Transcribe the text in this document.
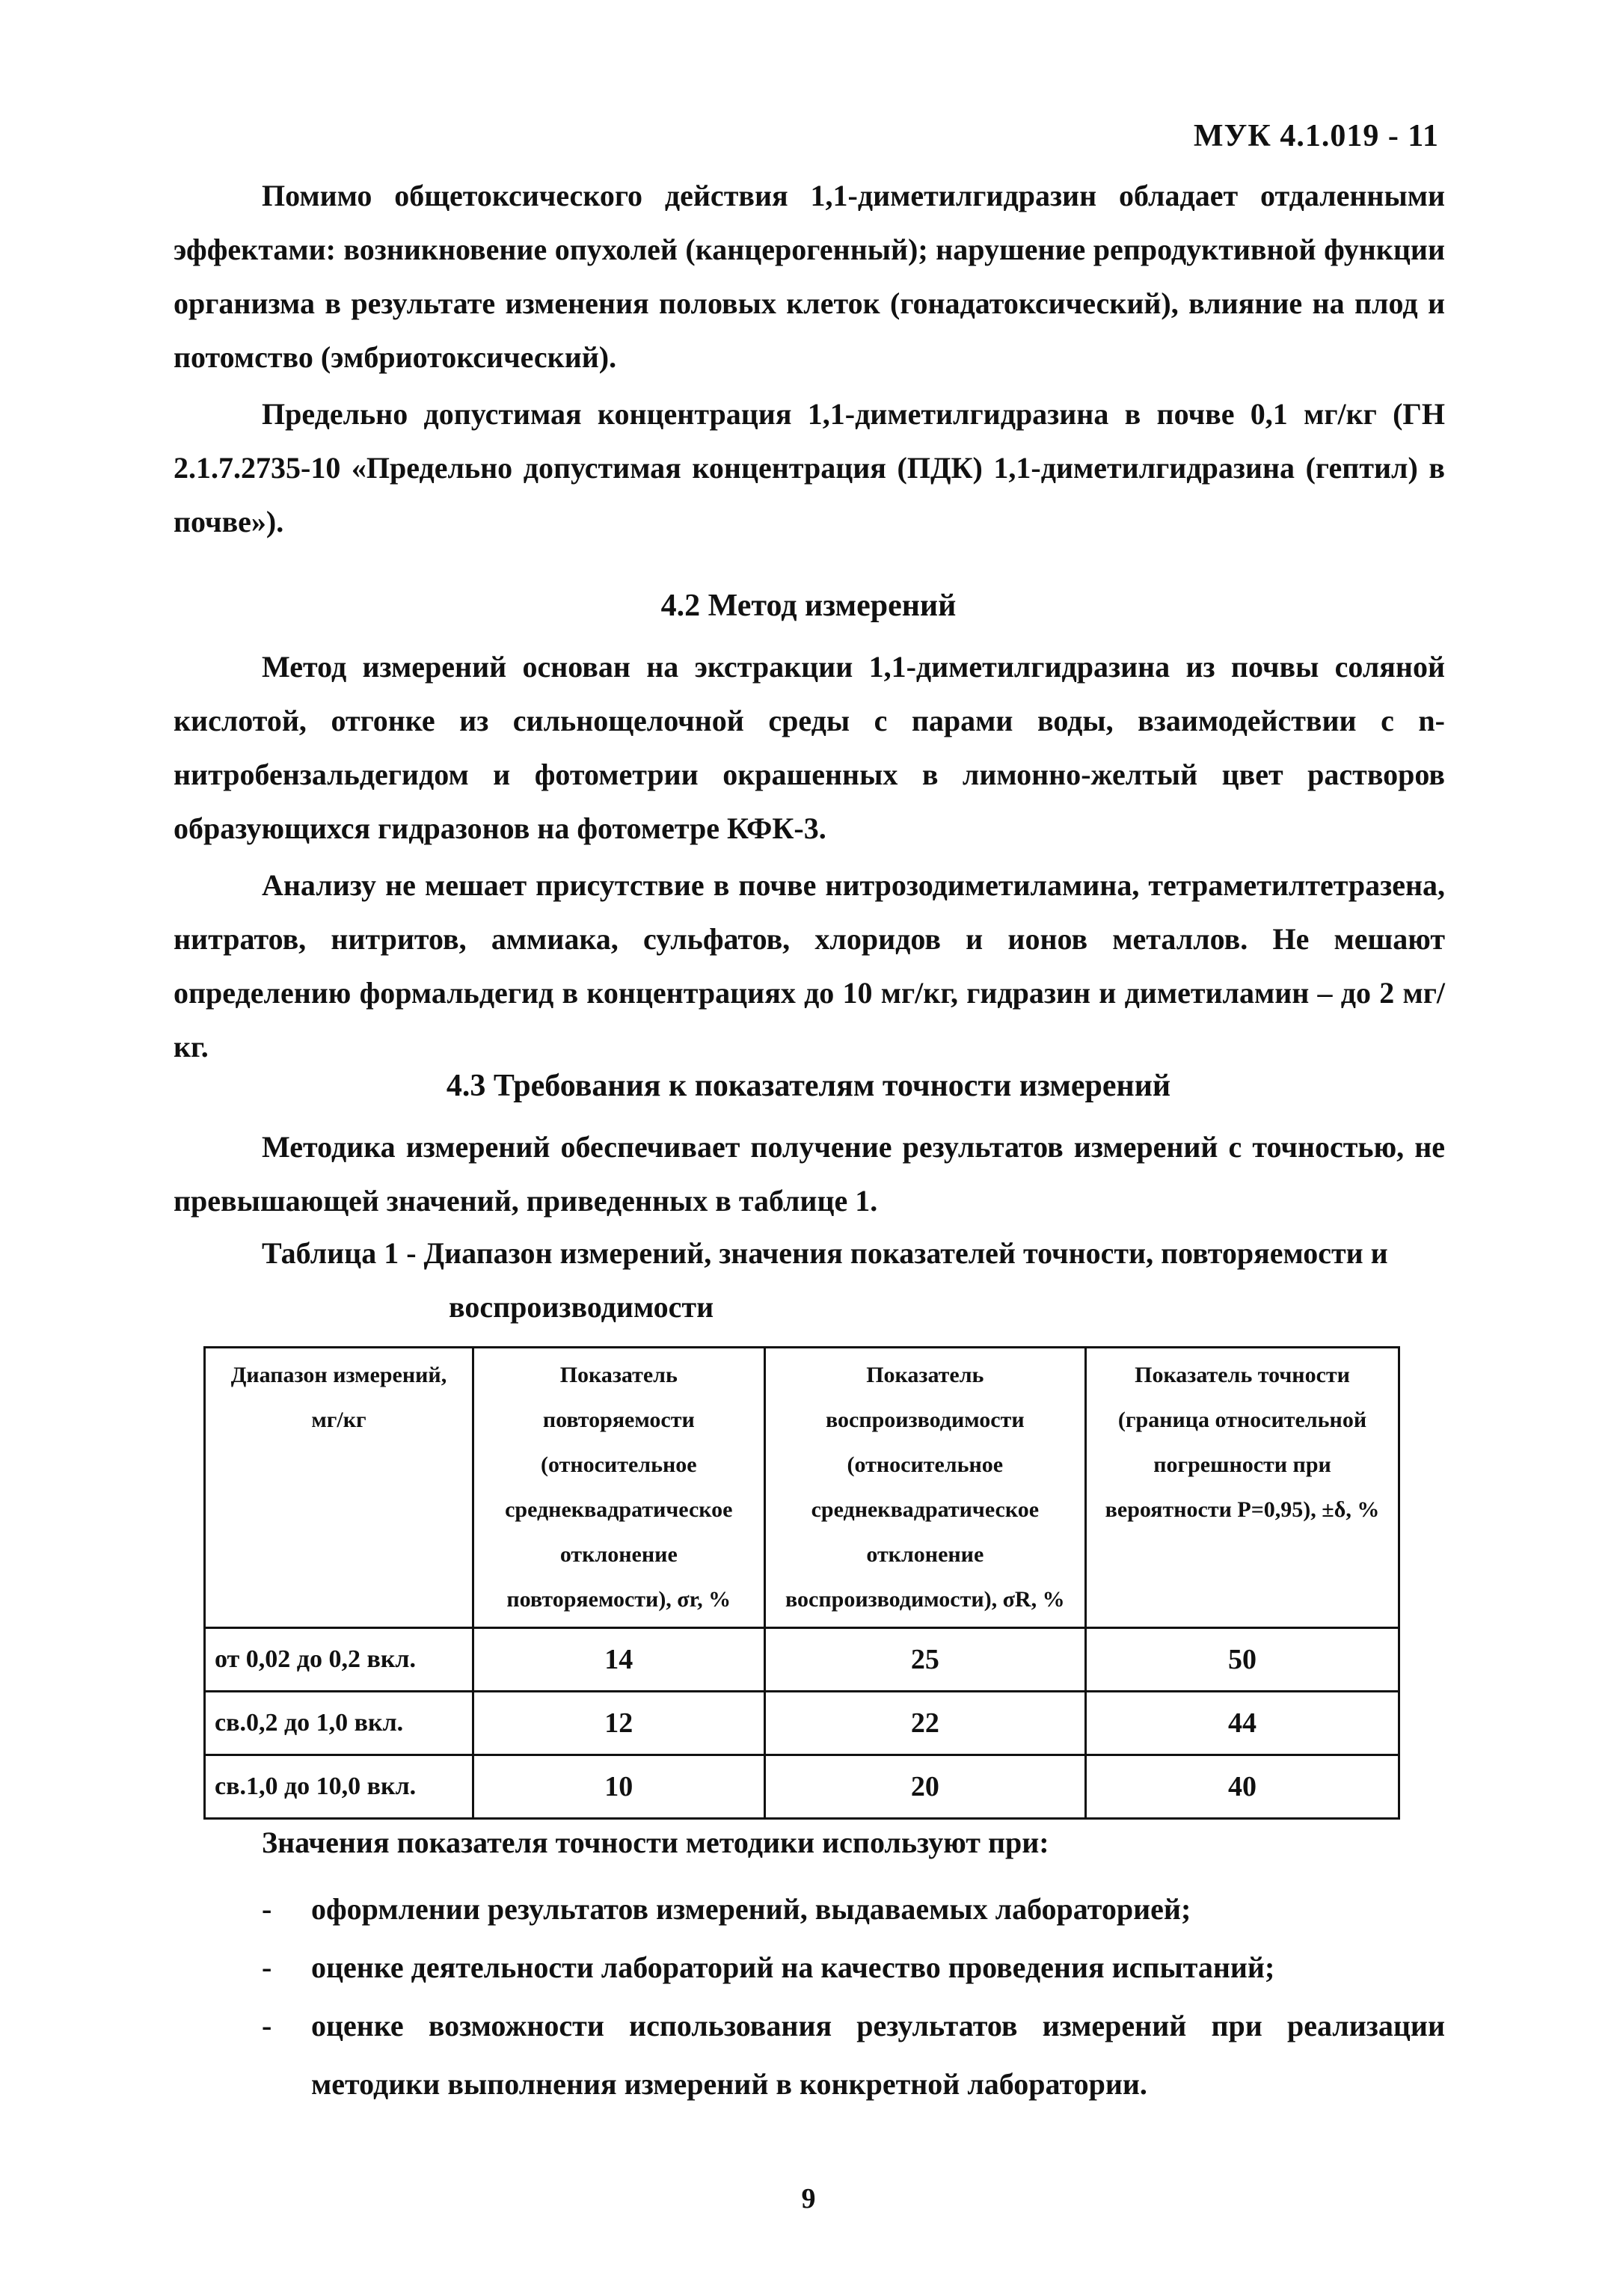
МУК 4.1.019 - 11
Помимо общетоксического действия 1,1-диметилгидразин обладает отдаленными эффектами: возникновение опухолей (канцерогенный); нарушение репродуктивной функции организма в результате изменения половых клеток (гонадатоксический), влияние на плод и потомство (эмбриотоксический).
Предельно допустимая концентрация 1,1-диметилгидразина в почве 0,1 мг/кг (ГН 2.1.7.2735-10 «Предельно допустимая концентрация (ПДК) 1,1-диметилгидразина (гептил) в почве»).
4.2 Метод измерений
Метод измерений основан на экстракции 1,1-диметилгидразина из почвы соляной кислотой, отгонке из сильнощелочной среды с парами воды, взаимодействии с n-нитробензальдегидом и фотометрии окрашенных в лимонно-желтый цвет растворов образующихся гидразонов на фотометре КФК-3.
Анализу не мешает присутствие в почве нитрозодиметиламина, тетраметилтетразена, нитратов, нитритов, аммиака, сульфатов, хлоридов и ионов металлов. Не мешают определению формальдегид в концентрациях до 10 мг/кг, гидразин и диметиламин – до 2 мг/кг.
4.3 Требования к показателям точности измерений
Методика измерений обеспечивает получение результатов измерений с точностью, не превышающей значений, приведенных в таблице 1.
Таблица 1 - Диапазон измерений, значения показателей точности, повторяемости и
воспроизводимости
Диапазон измерений, мг/кг	Показатель повторяемости (относительное среднеквадратическое отклонение повторяемости), σr, %	Показатель воспроизводимости (относительное среднеквадратическое отклонение воспроизводимости), σR, %	Показатель точности (граница относительной погрешности при вероятности P=0,95), ±δ, %
от 0,02 до 0,2 вкл.	14	25	50
св.0,2 до 1,0 вкл.	12	22	44
св.1,0 до 10,0 вкл.	10	20	40
Значения показателя точности методики используют при:
- оформлении результатов измерений, выдаваемых лабораторией;
- оценке деятельности лабораторий на качество проведения испытаний;
- оценке возможности использования результатов измерений при реализации методики выполнения измерений в конкретной лаборатории.
9
